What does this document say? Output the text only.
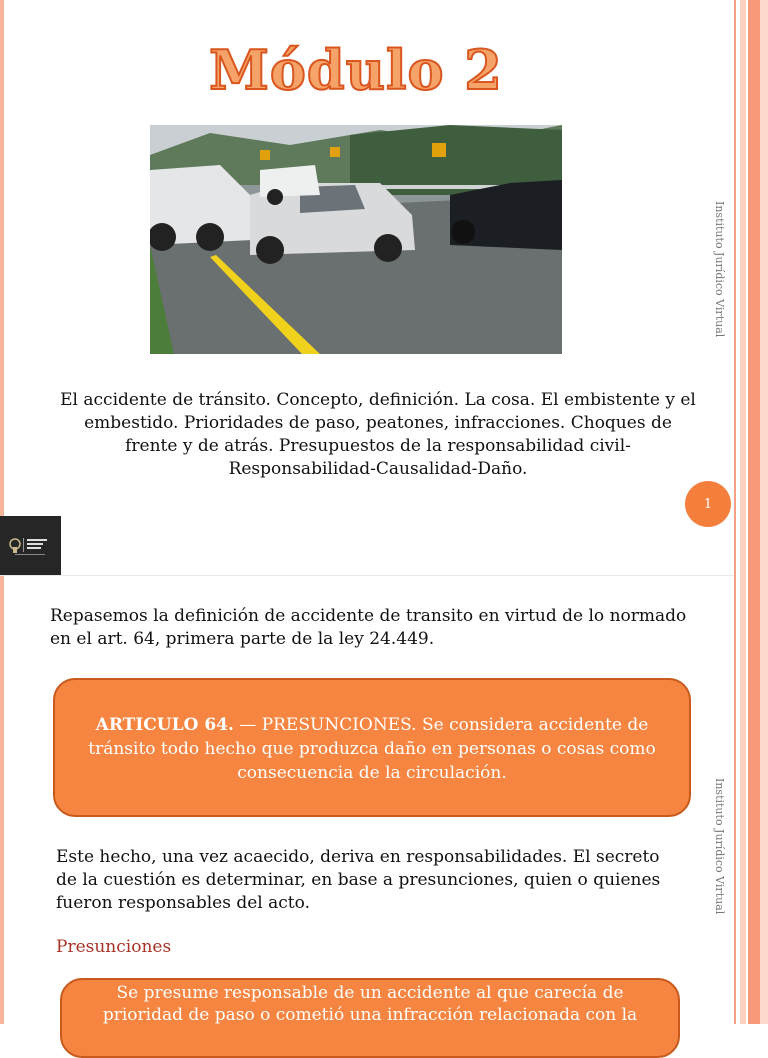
Módulo 2
El accidente de tránsito. Concepto, definición. La cosa. El embistente y el embestido. Prioridades de paso, peatones, infracciones. Choques de frente y de atrás. Presupuestos de la responsabilidad civil-Responsabilidad-Causalidad-Daño.
Instituto Jurídico Virtual
1
Repasemos la definición de accidente de transito en virtud de lo normado en el art. 64, primera parte de la ley 24.449.
ARTICULO 64. — PRESUNCIONES. Se considera accidente de tránsito todo hecho que produzca daño en personas o cosas como consecuencia de la circulación.
Instituto Jurídico Virtual
Este hecho, una vez acaecido, deriva en responsabilidades. El secreto de la cuestión es determinar, en base a presunciones, quien o quienes fueron responsables del acto.
Presunciones
Se presume responsable de un accidente al que carecía de prioridad de paso o cometió una infracción relacionada con la
